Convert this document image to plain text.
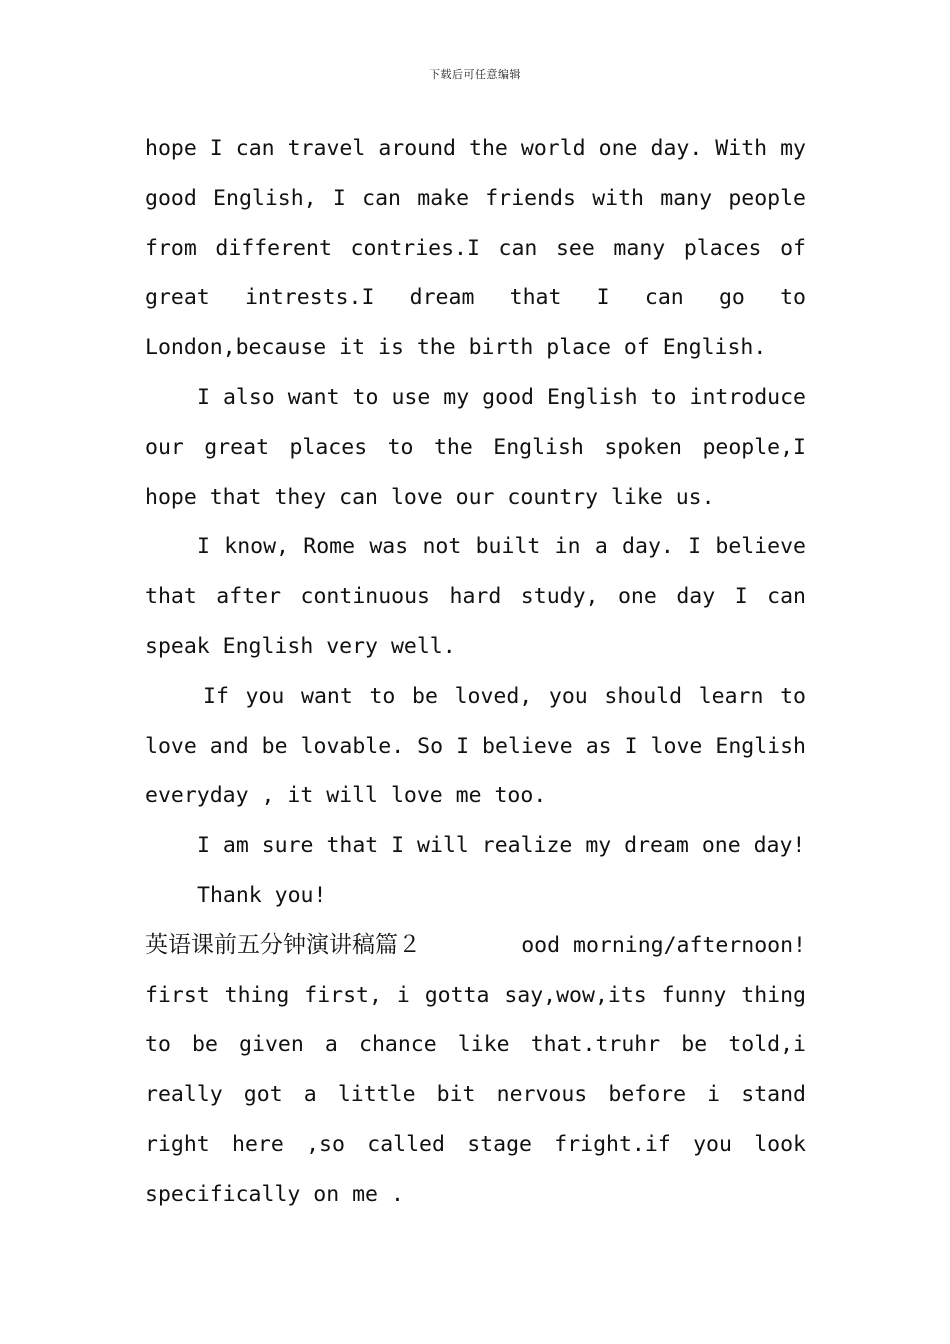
下载后可任意编辑
hope I can travel around the world one day. With my
good English, I can make friends with many people
from different contries.I can see many places of
great intrests.I dream that I can go to
London,because it is the birth place of English.
I also want to use my good English to introduce
our great places to the English spoken people,I
hope that they can love our country like us.
I know, Rome was not built in a day. I believe
that after continuous hard study, one day I can
speak English very well.
If you want to be loved, you should learn to
love and be lovable. So I believe as I love English
everyday , it will love me too.
I am sure that I will realize my dream one day!
Thank you!
英语课前五分钟演讲稿篇２	ood morning/afternoon!
first thing first, i gotta say,wow,its funny thing
to be given a chance like that.truhr be told,i
really got a little bit nervous before i stand
right here ,so called stage fright.if you look
specifically on me .
